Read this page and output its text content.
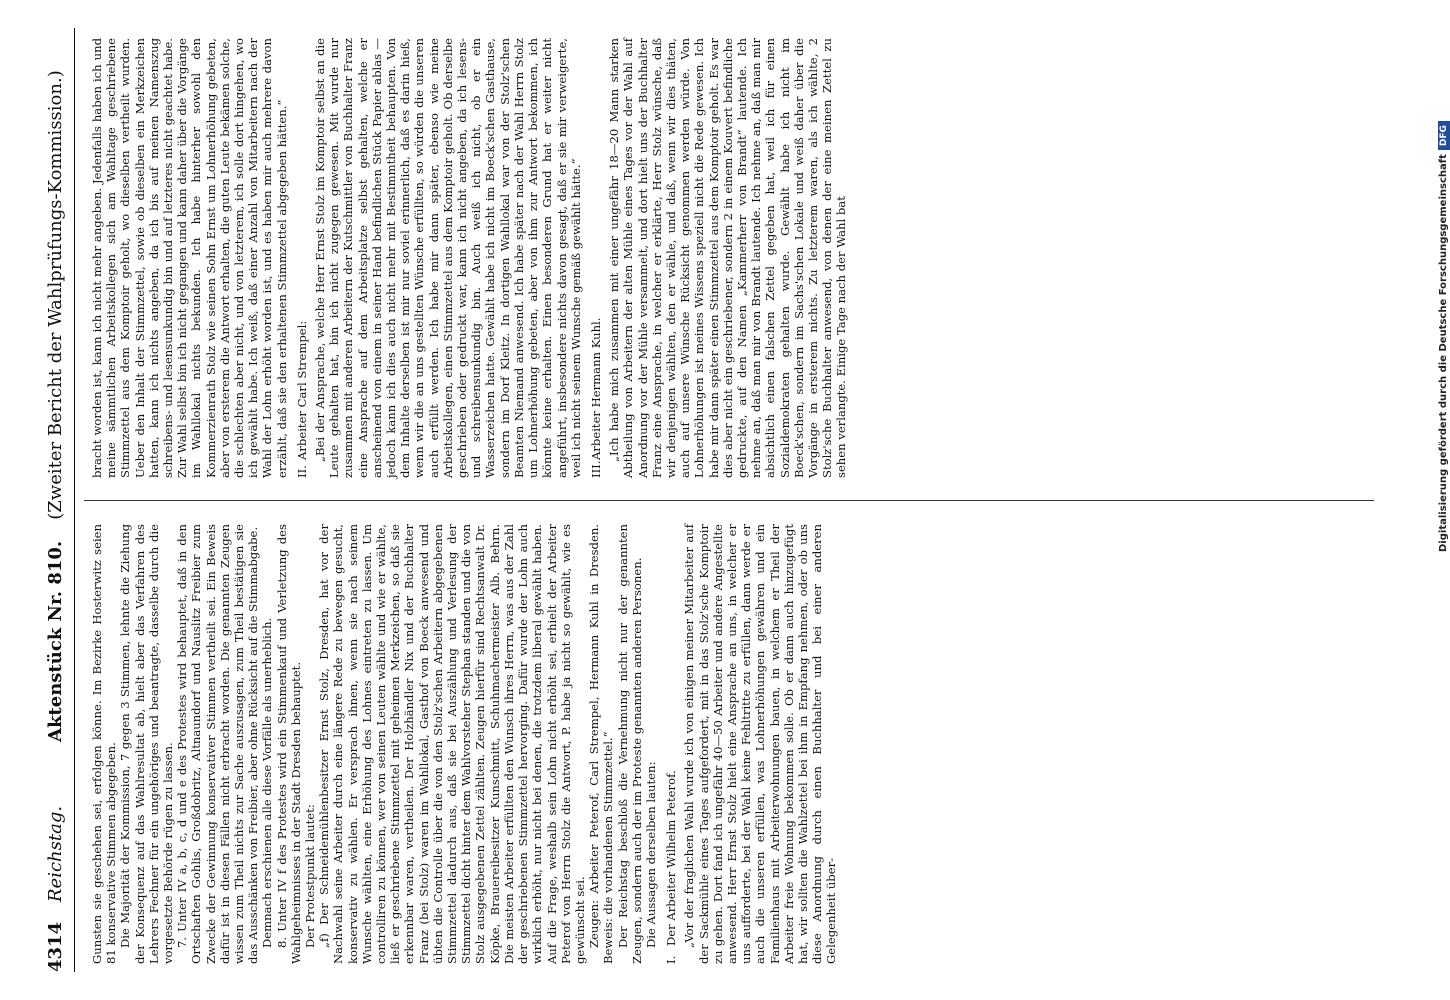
4314
Reichstag.
Aktenstück Nr. 810.
(Zweiter Bericht der Wahlprüfungs-Kommission.)

Gunsten sie geschehen sei, erfolgen könne. Im Bezirke Hosterwitz seien 81 konservative Stimmen abgegeben. Die Majorität der Kommission, 7 gegen 3 Stimmen, lehnte die Ziehung der Konsequenz auf das Wahlresultat ab, hielt aber das Verfahren des Lehrers Fechner für ein ungehöriges und beantragte, dasselbe durch die vorgesetzte Behörde rügen zu lassen. 7. Unter IV a, b, c, d und e des Protestes wird behauptet, daß in den Ortschaften Gohlis, Großdobritz, Altnaundorf und Nauslitz Freibier zum Zwecke der Gewinnung konservativer Stimmen vertheilt sei. Ein Beweis dafür ist in diesen Fällen nicht erbracht worden. Die genannten Zeugen wissen zum Theil nichts zur Sache auszusagen, zum Theil bestätigen sie das Ausschänken von Freibier, aber ohne Rücksicht auf die Stimmabgabe. Demnach erschienen alle diese Vorfälle als unerheblich. 8. Unter IV f des Protestes wird ein Stimmenkauf und Verletzung des Wahlgeheimnisses in der Stadt Dresden behauptet. Der Protestpunkt lautet: „f) Der Schneidemühlenbesitzer Ernst Stolz, Dresden, hat vor der Nachwahl seine Arbeiter durch eine längere Rede zu bewegen gesucht, konservativ zu wählen. Er versprach ihnen, wenn sie nach seinem Wunsche wählten, eine Erhöhung des Lohnes eintreten zu lassen. Um controlliren zu können, wer von seinen Leuten wählte und wie er wählte, ließ er geschriebene Stimmzettel mit geheimen Merkzeichen, so daß sie erkennbar waren, vertheilen. Der Holzhändler Nix und der Buchhalter Franz (bei Stolz) waren im Wahllokal, Gasthof von Boeck anwesend und übten die Controlle über die von den Stolz'schen Arbeitern abgegebenen Stimmzettel dadurch aus, daß sie bei Auszählung und Verlesung der Stimmzettel dicht hinter dem Wahlvorsteher Stephan standen und die von Stolz ausgegebenen Zettel zählten. Zeugen hierfür sind Rechtsanwalt Dr. Köpke, Brauereibesitzer Kunschmitt, Schuhmachermeister Alb. Behrn. Die meisten Arbeiter erfüllten den Wunsch ihres Herrn, was aus der Zahl der geschriebenen Stimmzettel hervorging. Dafür wurde der Lohn auch wirklich erhöht, nur nicht bei denen, die trotzdem liberal gewählt haben. Auf die Frage, weshalb sein Lohn nicht erhöht sei, erhielt der Arbeiter Peterof von Herrn Stolz die Antwort, P. habe ja nicht so gewählt, wie es gewünscht sei. Zeugen: Arbeiter Peterof, Carl Strempel, Hermann Kuhl in Dresden. Beweis: die vorhandenen Stimmzettel.“ Der Reichstag beschloß die Vernehmung nicht nur der genannten Zeugen, sondern auch der im Proteste genannten anderen Personen. Die Aussagen derselben lauten:

I.Der Arbeiter Wilhelm Peterof. „Vor der fraglichen Wahl wurde ich von einigen meiner Mitarbeiter auf der Sackmühle eines Tages aufgefordert, mit in das Stolz'sche Komptoir zu gehen. Dort fand ich ungefähr 40—50 Arbeiter und andere Angestellte anwesend. Herr Ernst Stolz hielt eine Ansprache an uns, in welcher er uns aufforderte, bei der Wahl keine Fehltritte zu erfüllen, dann werde er auch die unseren erfüllen, was Lohnerhöhungen gewähren und ein Familienhaus mit Arbeiterwohnungen bauen, in welchem er Theil der Arbeiter freie Wohnung bekommen solle. Ob er dann auch hinzugefügt hat, wir sollten die Wahlzettel bei ihm in Empfang nehmen, oder ob uns diese Anordnung durch einen Buchhalter und bei einer anderen Gelegenheit über-

bracht worden ist, kann ich nicht mehr angeben. Jedenfalls haben ich und meine sämmtlichen Arbeitskollegen sich am Wahltage geschriebene Stimmzettel aus dem Komptoir geholt, wo dieselben vertheilt wurden. Ueber den Inhalt der Stimmzettel, sowie ob dieselben ein Merkzeichen hatten, kann ich nichts angeben, da ich bis auf meinen Namenszug schreibens- und lesensunkundig bin und auf letzteres nicht geachtet habe. Zur Wahl selbst bin ich nicht gegangen und kann daher über die Vorgänge im Wahllokal nichts bekunden. Ich habe hinterher sowohl den Kommerzienrath Stolz wie seinen Sohn Ernst um Lohnerhöhung gebeten, aber von ersterem die Antwort erhalten, die guten Leute bekämen solche, die schlechten aber nicht, und von letzterem, ich solle dort hingehen, wo ich gewählt habe. Ich weiß, daß einer Anzahl von Mitarbeitern nach der Wahl der Lohn erhöht worden ist, und es haben mir auch mehrere davon erzählt, daß sie den erhaltenen Stimmzettel abgegeben hätten.“ II.Arbeiter Carl Strempel: „Bei der Ansprache, welche Herr Ernst Stolz im Komptoir selbst an die Leute gehalten hat, bin ich nicht zugegen gewesen. Mit wurde nur zusammen mit anderen Arbeitern der Kutschmittler von Buchhalter Franz eine Ansprache auf dem Arbeitsplatze selbst gehalten, welche er anscheinend von einem in seiner Hand befindlichen Stück Papier ablas — jedoch kann ich dies auch nicht mehr mit Bestimmtheit behaupten. Von dem Inhalte derselben ist mir nur soviel erinnerlich, daß es darin hieß, wenn wir die an uns gestellten Wünsche erfüllten, so würden die unseren auch erfüllt werden. Ich habe mir dann später, ebenso wie meine Arbeitskollegen, einen Stimmzettel aus dem Komptoir geholt. Ob derselbe geschrieben oder gedruckt war, kann ich nicht angeben, da ich lesens- und schreibensunkundig bin. Auch weiß ich nicht, ob er ein Wasserzeichen hatte. Gewählt habe ich nicht im Boeck'schen Gasthause, sondern im Dorf Kleitz. In dortigen Wahllokal war von der Stolz'schen Beamten Niemand anwesend. Ich habe später nach der Wahl Herrn Stolz um Lohnerhöhung gebeten, aber von ihm zur Antwort bekommen, ich könnte keine erhalten. Einen besonderen Grund hat er weiter nicht angeführt, insbesondere nichts davon gesagt, daß er sie mir verweigerte, weil ich nicht seinem Wunsche gemäß gewählt hätte.“ III.Arbeiter Hermann Kuhl. „Ich habe mich zusammen mit einer ungefähr 18—20 Mann starken Abtheilung von Arbeitern der alten Mühle eines Tages vor der Wahl auf Anordnung vor der Mühle versammelt, und dort hielt uns der Buchhalter Franz eine Ansprache, in welcher er erklärte, Herr Stolz wünsche, daß wir denjenigen wählten, den er wähle, und daß, wenn wir dies thäten, auch auf unsere Wünsche Rücksicht genommen werden würde. Von Lohnerhöhungen ist meines Wissens speziell nicht die Rede gewesen. Ich habe mir dann später einen Stimmzettel aus dem Komptoir geholt. Es war dies aber nicht ein geschriebener, sondern 2 in einem Kouvert befindliche gedruckte, auf den Namen „Kammerherr von Brandt“ lautende. Ich nehme an, daß man mir von Brandt lautende. Ich nehme an, daß man mir absichtlich einen falschen Zettel gegeben hat, weil ich für einen Sozialdemokraten gehalten wurde. Gewählt habe ich nicht im Boeck'schen, sondern im Sachs'schen Lokale und weiß daher über die Vorgänge in ersterem nichts. Zu letzterem waren, als ich wählte, 2 Stolz'sche Buchhalter anwesend, von denen der eine meinen Zettel zu sehen verlangte. Einige Tage nach der Wahl bat	Digitalisierung gefördert durch die Deutsche ForschungsgemeinschaftDFG
